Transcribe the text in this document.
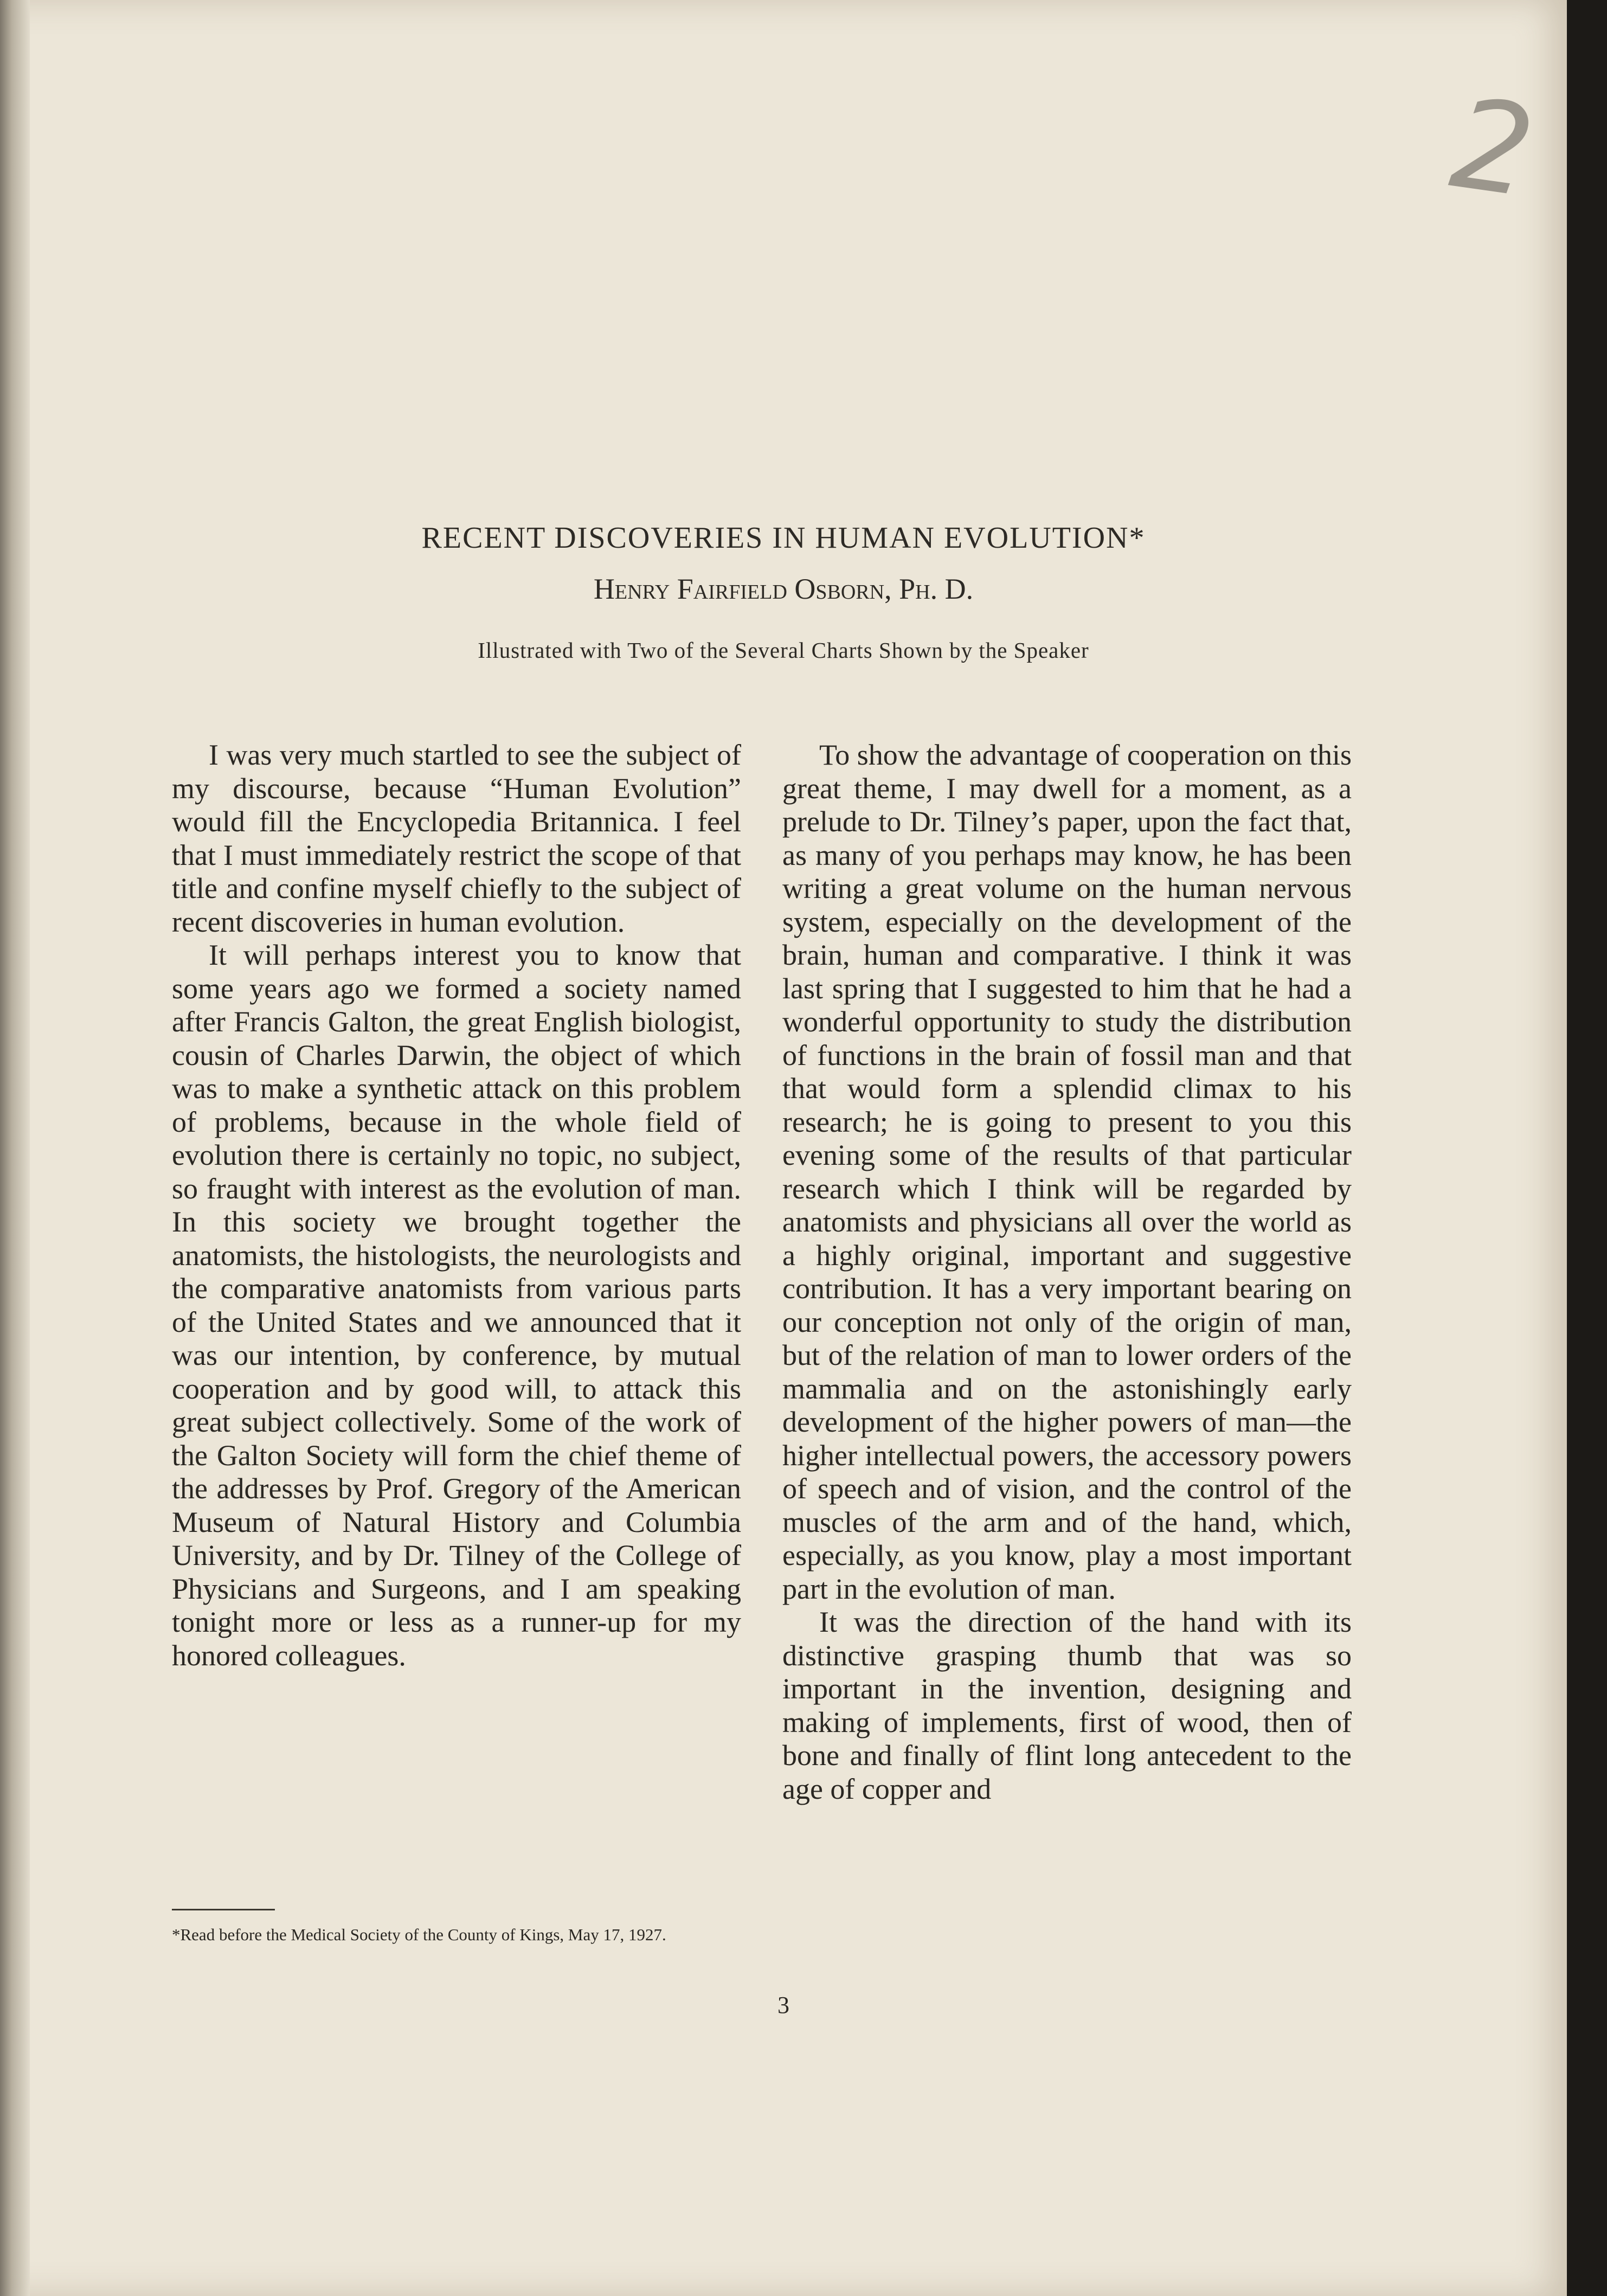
2
RECENT DISCOVERIES IN HUMAN EVOLUTION*
Henry Fairfield Osborn, Ph. D.
Illustrated with Two of the Several Charts Shown by the Speaker

I was very much startled to see the subject of my discourse, because “Human Evolution” would fill the Encyclopedia Britannica. I feel that I must immediately restrict the scope of that title and confine myself chiefly to the subject of recent discoveries in human evolution.

It will perhaps interest you to know that some years ago we formed a society named after Francis Galton, the great English biologist, cousin of Charles Darwin, the object of which was to make a synthetic attack on this problem of problems, because in the whole field of evolution there is certainly no topic, no subject, so fraught with interest as the evolution of man. In this society we brought together the anatomists, the histologists, the neurologists and the comparative anatomists from various parts of the United States and we announced that it was our intention, by conference, by mutual cooperation and by good will, to attack this great subject collectively. Some of the work of the Galton Society will form the chief theme of the addresses by Prof. Gregory of the American Museum of Natural History and Columbia University, and by Dr. Tilney of the College of Physicians and Surgeons, and I am speaking tonight more or less as a runner-up for my honored colleagues.

To show the advantage of cooperation on this great theme, I may dwell for a moment, as a prelude to Dr. Tilney’s paper, upon the fact that, as many of you perhaps may know, he has been writing a great volume on the human nervous system, especially on the development of the brain, human and comparative. I think it was last spring that I suggested to him that he had a wonderful opportunity to study the distribution of functions in the brain of fossil man and that that would form a splendid climax to his research; he is going to present to you this evening some of the results of that particular research which I think will be regarded by anatomists and physicians all over the world as a highly original, important and suggestive contribution. It has a very important bearing on our conception not only of the origin of man, but of the relation of man to lower orders of the mammalia and on the astonishingly early development of the higher powers of man—the higher intellectual powers, the accessory powers of speech and of vision, and the control of the muscles of the arm and of the hand, which, especially, as you know, play a most important part in the evolution of man.

It was the direction of the hand with its distinctive grasping thumb that was so important in the invention, designing and making of implements, first of wood, then of bone and finally of flint long antecedent to the age of copper and

*Read before the Medical Society of the County of Kings, May 17, 1927.

3
